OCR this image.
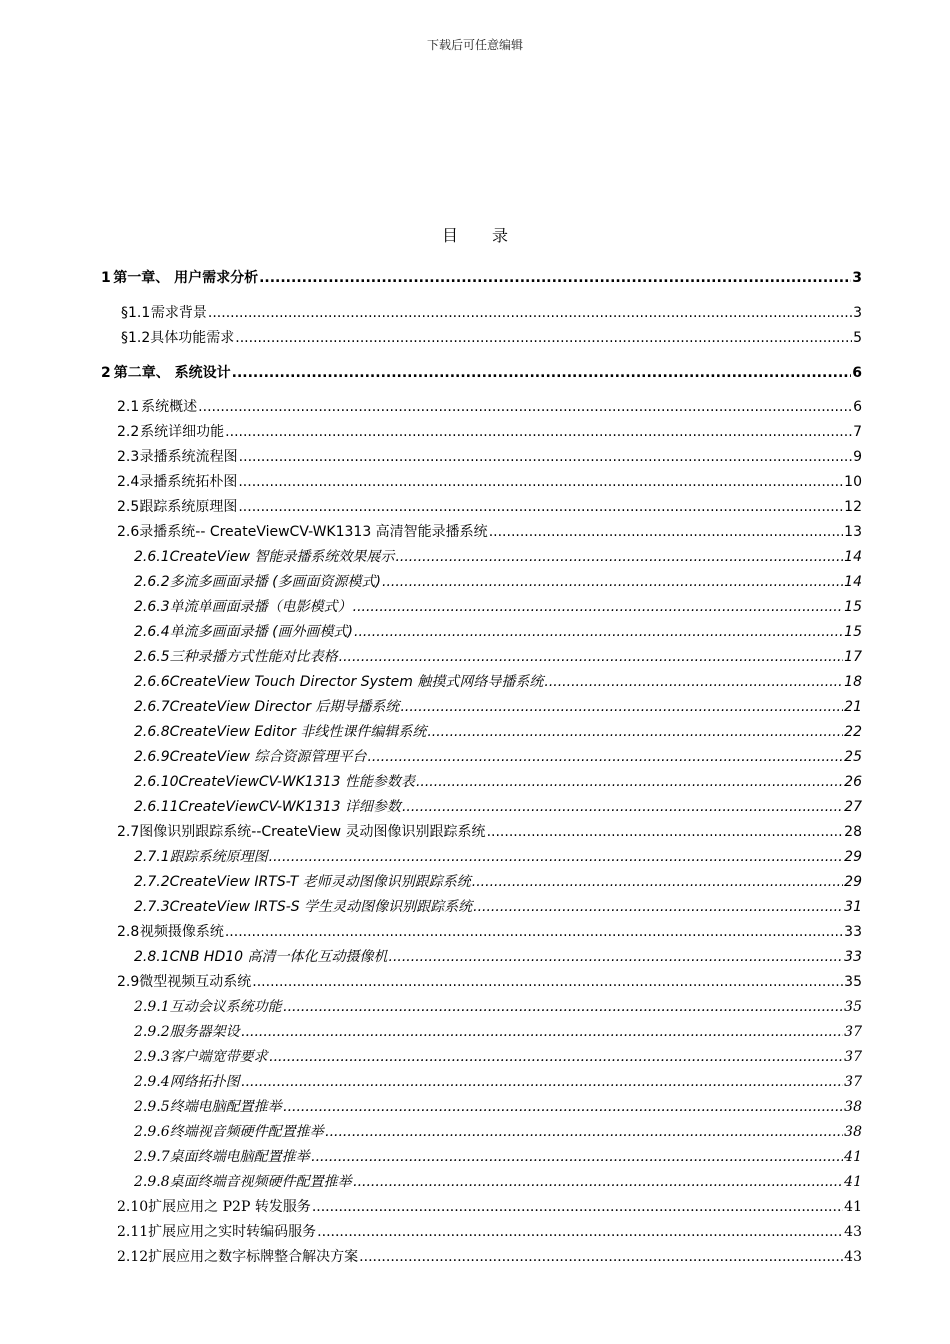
下载后可任意编辑
目 录
1 第一章、 用户需求分析 .....	3
§1.1 需求背景 .....	3
§1.2 具体功能需求 .....	5
2 第二章、 系统设计 .....	6
2.1 系统概述 .....	6
2.2 系统详细功能 .....	7
2.3 录播系统流程图 .....	9
2.4 录播系统拓朴图 .....	10
2.5 跟踪系统原理图 .....	12
2.6 录播系统-- CreateViewCV-WK1313 高清智能录播系统 .....	13
2.6.1 CreateView 智能录播系统效果展示 .....	14
2.6.2 多流多画面录播 (多画面资源模式) .....	14
2.6.3 单流单画面录播（电影模式） .....	15
2.6.4 单流多画面录播 (画外画模式) .....	15
2.6.5 三种录播方式性能对比表格 .....	17
2.6.6 CreateView Touch Director System 触摸式网络导播系统 .....	18
2.6.7 CreateView Director 后期导播系统 .....	21
2.6.8 CreateView Editor 非线性课件编辑系统 .....	22
2.6.9 CreateView 综合资源管理平台 .....	25
2.6.10 CreateViewCV-WK1313 性能参数表 .....	26
2.6.11 CreateViewCV-WK1313 详细参数 .....	27
2.7 图像识别跟踪系统--CreateView 灵动图像识别跟踪系统 .....	28
2.7.1 跟踪系统原理图 .....	29
2.7.2 CreateView IRTS-T 老师灵动图像识别跟踪系统 .....	29
2.7.3 CreateView IRTS-S 学生灵动图像识别跟踪系统 .....	31
2.8 视频摄像系统 .....	33
2.8.1 CNB HD10 高清一体化互动摄像机 .....	33
2.9 微型视频互动系统 .....	35
2.9.1 互动会议系统功能 .....	35
2.9.2 服务器架设 .....	37
2.9.3 客户端宽带要求 .....	37
2.9.4 网络拓扑图 .....	37
2.9.5 终端电脑配置推举 .....	38
2.9.6 终端视音频硬件配置推举 .....	38
2.9.7 桌面终端电脑配置推举 .....	41
2.9.8 桌面终端音视频硬件配置推举 .....	41
2.10 扩展应用之 P2P 转发服务 .....	41
2.11 扩展应用之实时转编码服务 .....	43
2.12 扩展应用之数字标牌整合解决方案 .....	43
